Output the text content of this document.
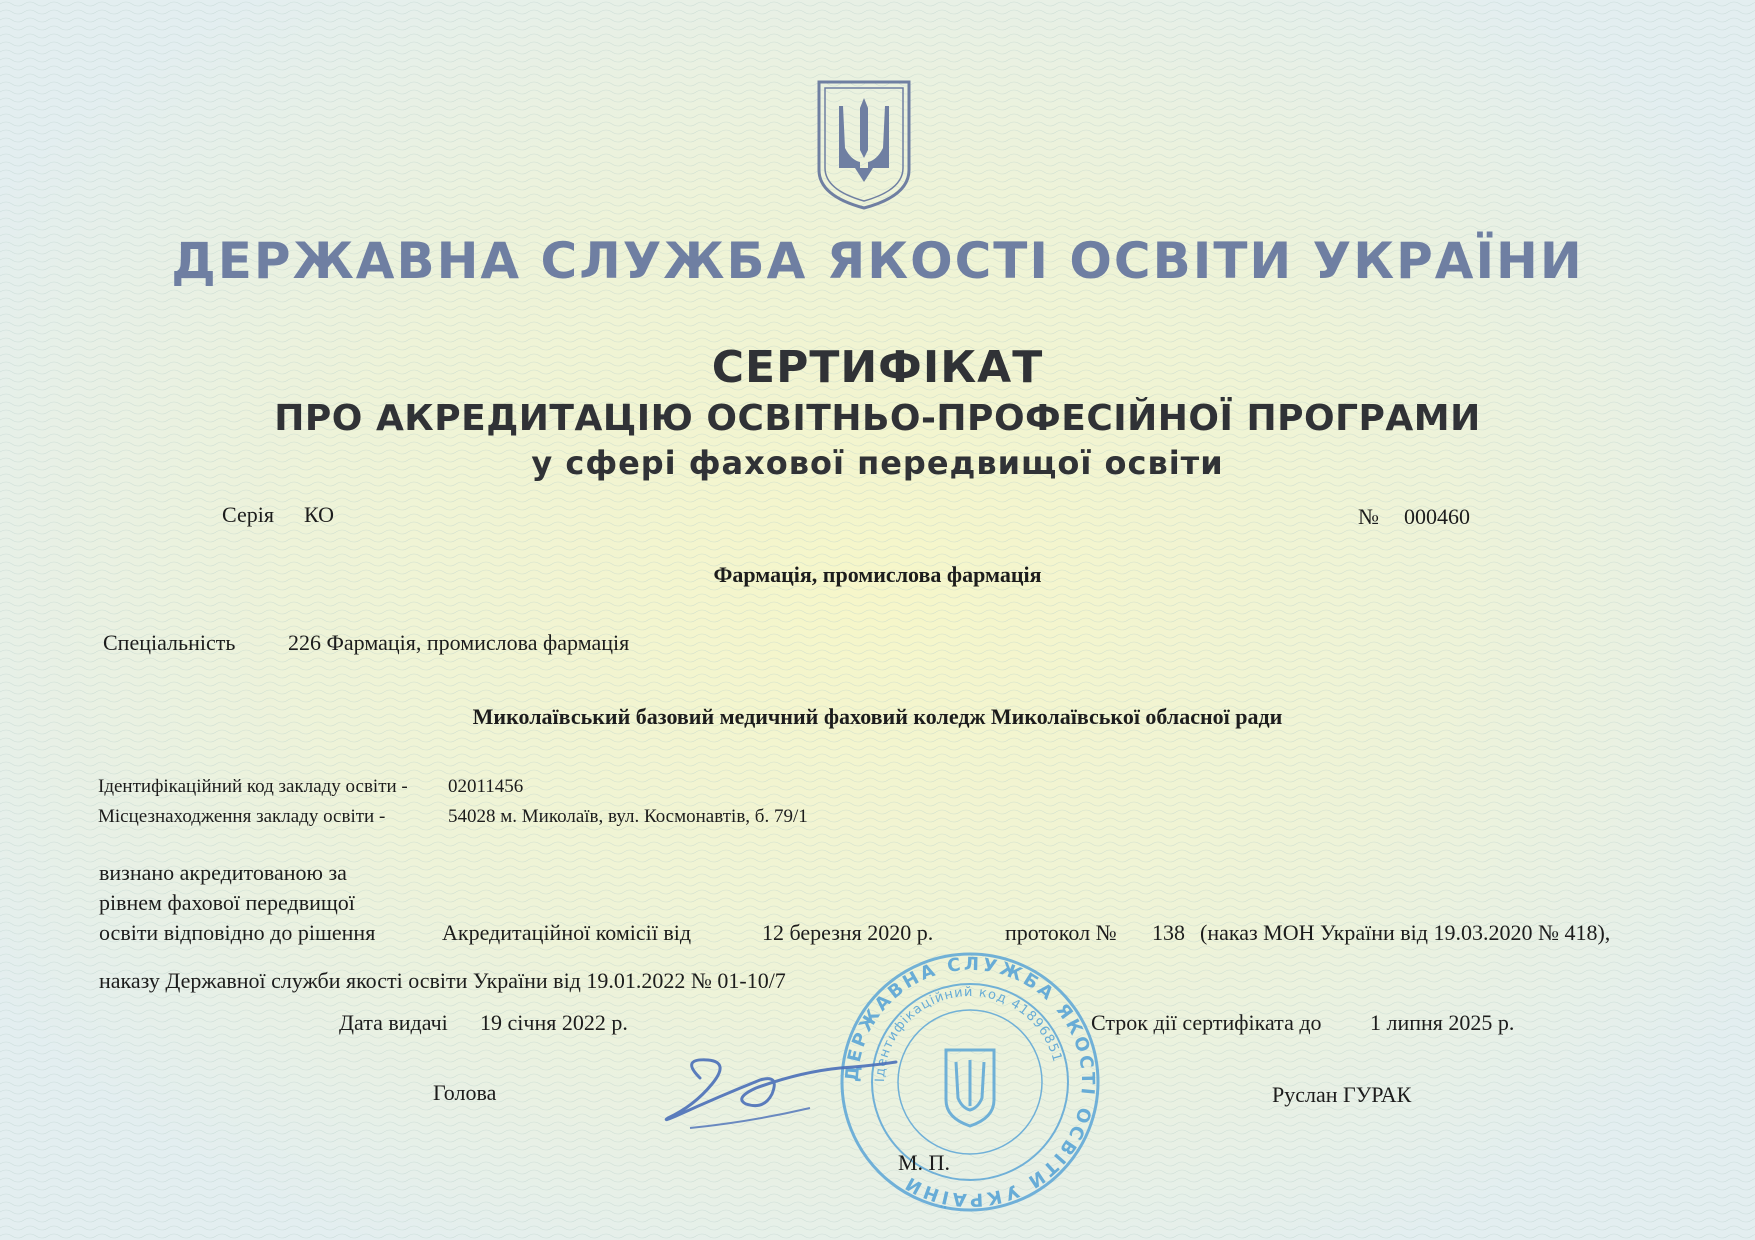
ДЕРЖАВНА СЛУЖБА ЯКОСТІ ОСВІТИ УКРАЇНИ
СЕРТИФІКАТ
ПРО АКРЕДИТАЦІЮ ОСВІТНЬО-ПРОФЕСІЙНОЇ ПРОГРАМИ
у сфері фахової передвищої освіти
Серія КО	№ 000460
Фармація, промислова фармація
Спеціальність 226 Фармація, промислова фармація
Миколаївський базовий медичний фаховий коледж Миколаївської обласної ради
Ідентифікаційний код закладу освіти - 02011456
Місцезнаходження закладу освіти -	54028 м. Миколаїв, вул. Космонавтів, б. 79/1
визнано акредитованою за
рівнем фахової передвищої
освіти відповідно до рішення	Акредитаційної комісії від	12 березня 2020 р.	протокол № 138 (наказ МОН України від 19.03.2020 № 418),
наказу Державної служби якості освіти України від 19.01.2022 № 01-10/7
Дата видачі 19 січня 2022 р.	Строк дії сертифіката до 1 липня 2025 р.
Голова	Руслан ГУРАК
ДЕРЖАВНА СЛУЖБА ЯКОСТІ ОСВІТИ УКРАЇНИ
Ідентифікаційний код 41896851
М. П.
